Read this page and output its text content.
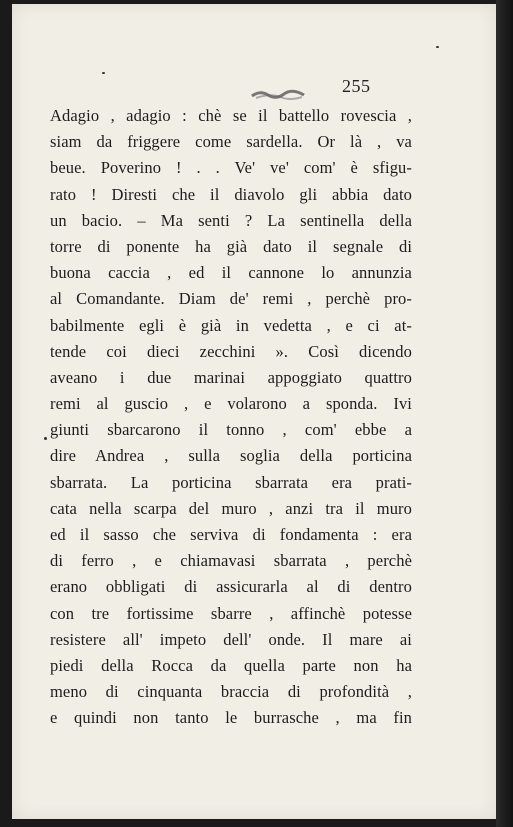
255
Adagio , adagio : chè se il battello rovescia ,
siam da friggere come sardella. Or là , va
beue. Poverino ! . . Ve' ve' com' è sfigu-
rato ! Diresti che il diavolo gli abbia dato
un bacio. – Ma senti ? La sentinella della
torre di ponente ha già dato il segnale di
buona caccia , ed il cannone lo annunzia
al Comandante. Diam de' remi , perchè pro-
babilmente egli è già in vedetta , e ci at-
tende coi dieci zecchini ». Così dicendo
aveano i due marinai appoggiato quattro
remi al guscio , e volarono a sponda. Ivi
giunti sbarcarono il tonno , com' ebbe a
dire Andrea , sulla soglia della porticina
sbarrata. La porticina sbarrata era prati-
cata nella scarpa del muro , anzi tra il muro
ed il sasso che serviva di fondamenta : era
di ferro , e chiamavasi sbarrata , perchè
erano obbligati di assicurarla al di dentro
con tre fortissime sbarre , affinchè potesse
resistere all' impeto dell' onde. Il mare ai
piedi della Rocca da quella parte non ha
meno di cinquanta braccia di profondità ,
e quindi non tanto le burrasche , ma fin
